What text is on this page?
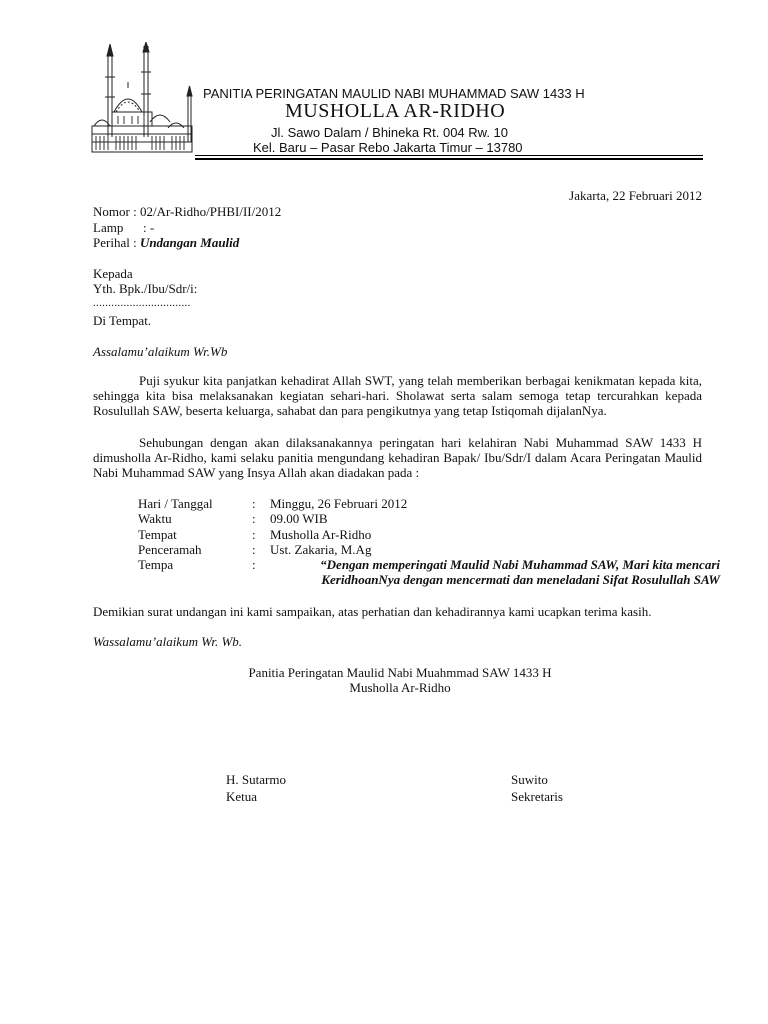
PANITIA PERINGATAN MAULID NABI MUHAMMAD SAW 1433 H
MUSHOLLA AR-RIDHO
Jl. Sawo Dalam / Bhineka Rt. 004 Rw. 10
Kel. Baru – Pasar Rebo Jakarta Timur – 13780
Jakarta, 22 Februari 2012
Nomor : 02/Ar-Ridho/PHBI/II/2012
Lamp : -
Perihal : Undangan Maulid
Kepada
Yth. Bpk./Ibu/Sdr/i:
................................
Di Tempat.
Assalamu’alaikum Wr.Wb
Puji syukur kita panjatkan kehadirat Allah SWT, yang telah memberikan berbagai kenikmatan kepada kita, sehingga kita bisa melaksanakan kegiatan sehari-hari. Sholawat serta salam semoga tetap tercurahkan kepada Rosulullah SAW, beserta keluarga, sahabat dan para pengikutnya yang tetap Istiqomah dijalanNya.
Sehubungan dengan akan dilaksanakannya peringatan hari kelahiran Nabi Muhammad SAW 1433 H dimusholla Ar-Ridho, kami selaku panitia mengundang kehadiran Bapak/ Ibu/Sdr/I dalam Acara Peringatan Maulid Nabi Muhammad SAW yang Insya Allah akan diadakan pada :
Hari / Tanggal	: Minggu, 26 Februari 2012
Waktu	: 09.00 WIB
Tempat	: Musholla Ar-Ridho
Penceramah	: Ust. Zakaria, M.Ag
Tempa	:	“Dengan memperingati Maulid Nabi Muhammad SAW, Mari kita mencari
KeridhoanNya dengan mencermati dan meneladani Sifat Rosulullah SAW
Demikian surat undangan ini kami sampaikan, atas perhatian dan kehadirannya kami ucapkan terima kasih.
Wassalamu’alaikum Wr. Wb.
Panitia Peringatan Maulid Nabi Muahmmad SAW 1433 H
Musholla Ar-Ridho
H. Sutarmo
Ketua
Suwito
Sekretaris
